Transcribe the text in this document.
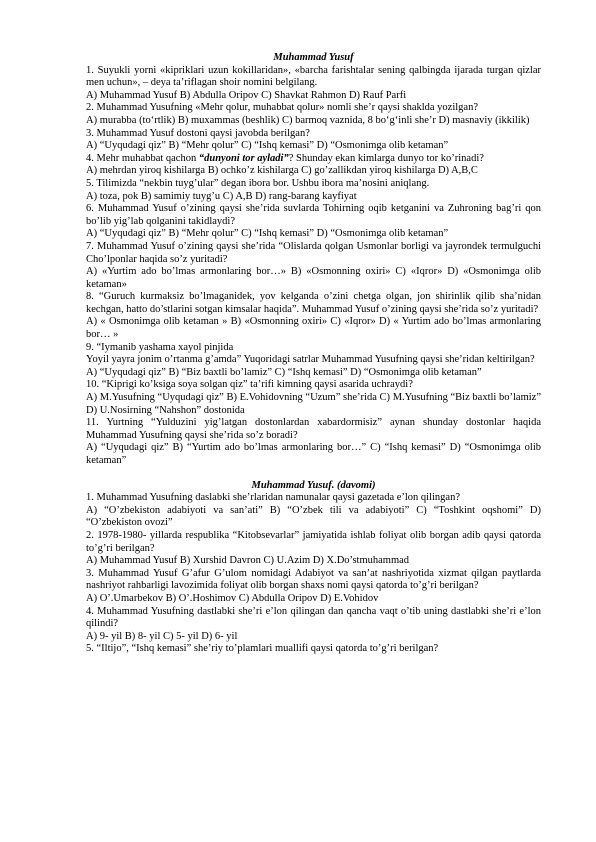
Muhammad Yusuf

1. Suyukli yorni «kipriklari uzun kokillaridan», «barcha farishtalar sening qalbingda ijarada turgan qizlar men uchun», – deya ta’riflagan shoir nomini belgilang.

A) Muhammad Yusuf B) Abdulla Oripov C) Shavkat Rahmon D) Rauf Parfi

2. Muhammad Yusufning «Mehr qolur, muhabbat qolur» nomli she’r qaysi shaklda yozilgan?

A) murabba (to‘rtlik) B) muxammas (beshlik) C) barmoq vaznida, 8 bo‘g‘inli she’r D) masnaviy (ikkilik)

3. Muhammad Yusuf dostoni qaysi javobda berilgan?

A) “Uyqudagi qiz” B) “Mehr qolur” C) “Ishq kemasi” D) “Osmonimga olib ketaman”

4. Mehr muhabbat qachon “dunyoni tor ayladi”? Shunday ekan kimlarga dunyo tor ko’rinadi?

A) mehrdan yiroq kishilarga B) ochko’z kishilarga C) go’zallikdan yiroq kishilarga D) A,B,C

5. Tilimizda “nekbin tuyg’ular” degan ibora bor. Ushbu ibora ma’nosini aniqlang.

A) toza, pok B) samimiy tuyg’u C) A,B D) rang-barang kayfiyat

6. Muhammad Yusuf o’zining qaysi she’rida suvlarda Tohirning oqib ketganini va Zuhroning bag’ri qon bo’lib yig’lab qolganini takidlaydi?

A) “Uyqudagi qiz” B) “Mehr qolur” C) “Ishq kemasi” D) “Osmonimga olib ketaman”

7. Muhammad Yusuf o’zining qaysi she’rida “Olislarda qolgan Usmonlar borligi va jayrondek termulguchi Cho’lponlar haqida so’z yuritadi?

A) «Yurtim ado bo’lmas armonlaring bor…» B) «Osmonning oxiri» C) «Iqror» D) «Osmonimga olib ketaman»

8. “Guruch kurmaksiz bo’lmaganidek, yov kelganda o’zini chetga olgan, jon shirinlik qilib sha’nidan kechgan, hatto do’stlarini sotgan kimsalar haqida”. Muhammad Yusuf o’zining qaysi she’rida so’z yuritadi?

A) « Osmonimga olib ketaman » B) «Osmonning oxiri» C) «Iqror» D) « Yurtim ado bo’lmas armonlaring bor… »

9. “Iymanib yashama xayol pinjida

Yoyil yayra jonim o’rtanma g’amda” Yuqoridagi satrlar Muhammad Yusufning qaysi she’ridan keltirilgan?

A) “Uyqudagi qiz” B) “Biz baxtli bo’lamiz” C) “Ishq kemasi” D) “Osmonimga olib ketaman”

10. “Kiprigi ko’ksiga soya solgan qiz” ta’rifi kimning qaysi asarida uchraydi?

A) M.Yusufning “Uyqudagi qiz” B) E.Vohidovning “Uzum” she’rida C) M.Yusufning “Biz baxtli bo’lamiz” D) U.Nosirning “Nahshon” dostonida

11. Yurtning “Yulduzini yig’latgan dostonlardan xabardormisiz” aynan shunday dostonlar haqida Muhammad Yusufning qaysi she’rida so’z boradi?

A) “Uyqudagi qiz” B) “Yurtim ado bo’lmas armonlaring bor…” C) “Ishq kemasi” D) “Osmonimga olib ketaman”

Muhammad Yusuf. (davomi)

1. Muhammad Yusufning daslabki she’rlaridan namunalar qaysi gazetada e’lon qilingan?

A) “O’zbekiston adabiyoti va san’ati” B) “O’zbek tili va adabiyoti” C) “Toshkint oqshomi” D) “O’zbekiston ovozi”

2. 1978-1980- yillarda respublika “Kitobsevarlar” jamiyatida ishlab foliyat olib borgan adib qaysi qatorda to’g’ri berilgan?

A) Muhammad Yusuf B) Xurshid Davron C) U.Azim D) X.Do’stmuhammad

3. Muhammad Yusuf G’afur G’ulom nomidagi Adabiyot va san’at nashriyotida xizmat qilgan paytlarda nashriyot rahbarligi lavozimida foliyat olib borgan shaxs nomi qaysi qatorda to’g’ri berilgan?

A) O’.Umarbekov B) O’.Hoshimov C) Abdulla Oripov D) E.Vohidov

4. Muhammad Yusufning dastlabki she’ri e’lon qilingan dan qancha vaqt o’tib uning dastlabki she’ri e’lon qilindi?

A) 9- yil B) 8- yil C) 5- yil D) 6- yil

5. “Iltijo”, “Ishq kemasi” she’riy to’plamlari muallifi qaysi qatorda to’g’ri berilgan?
